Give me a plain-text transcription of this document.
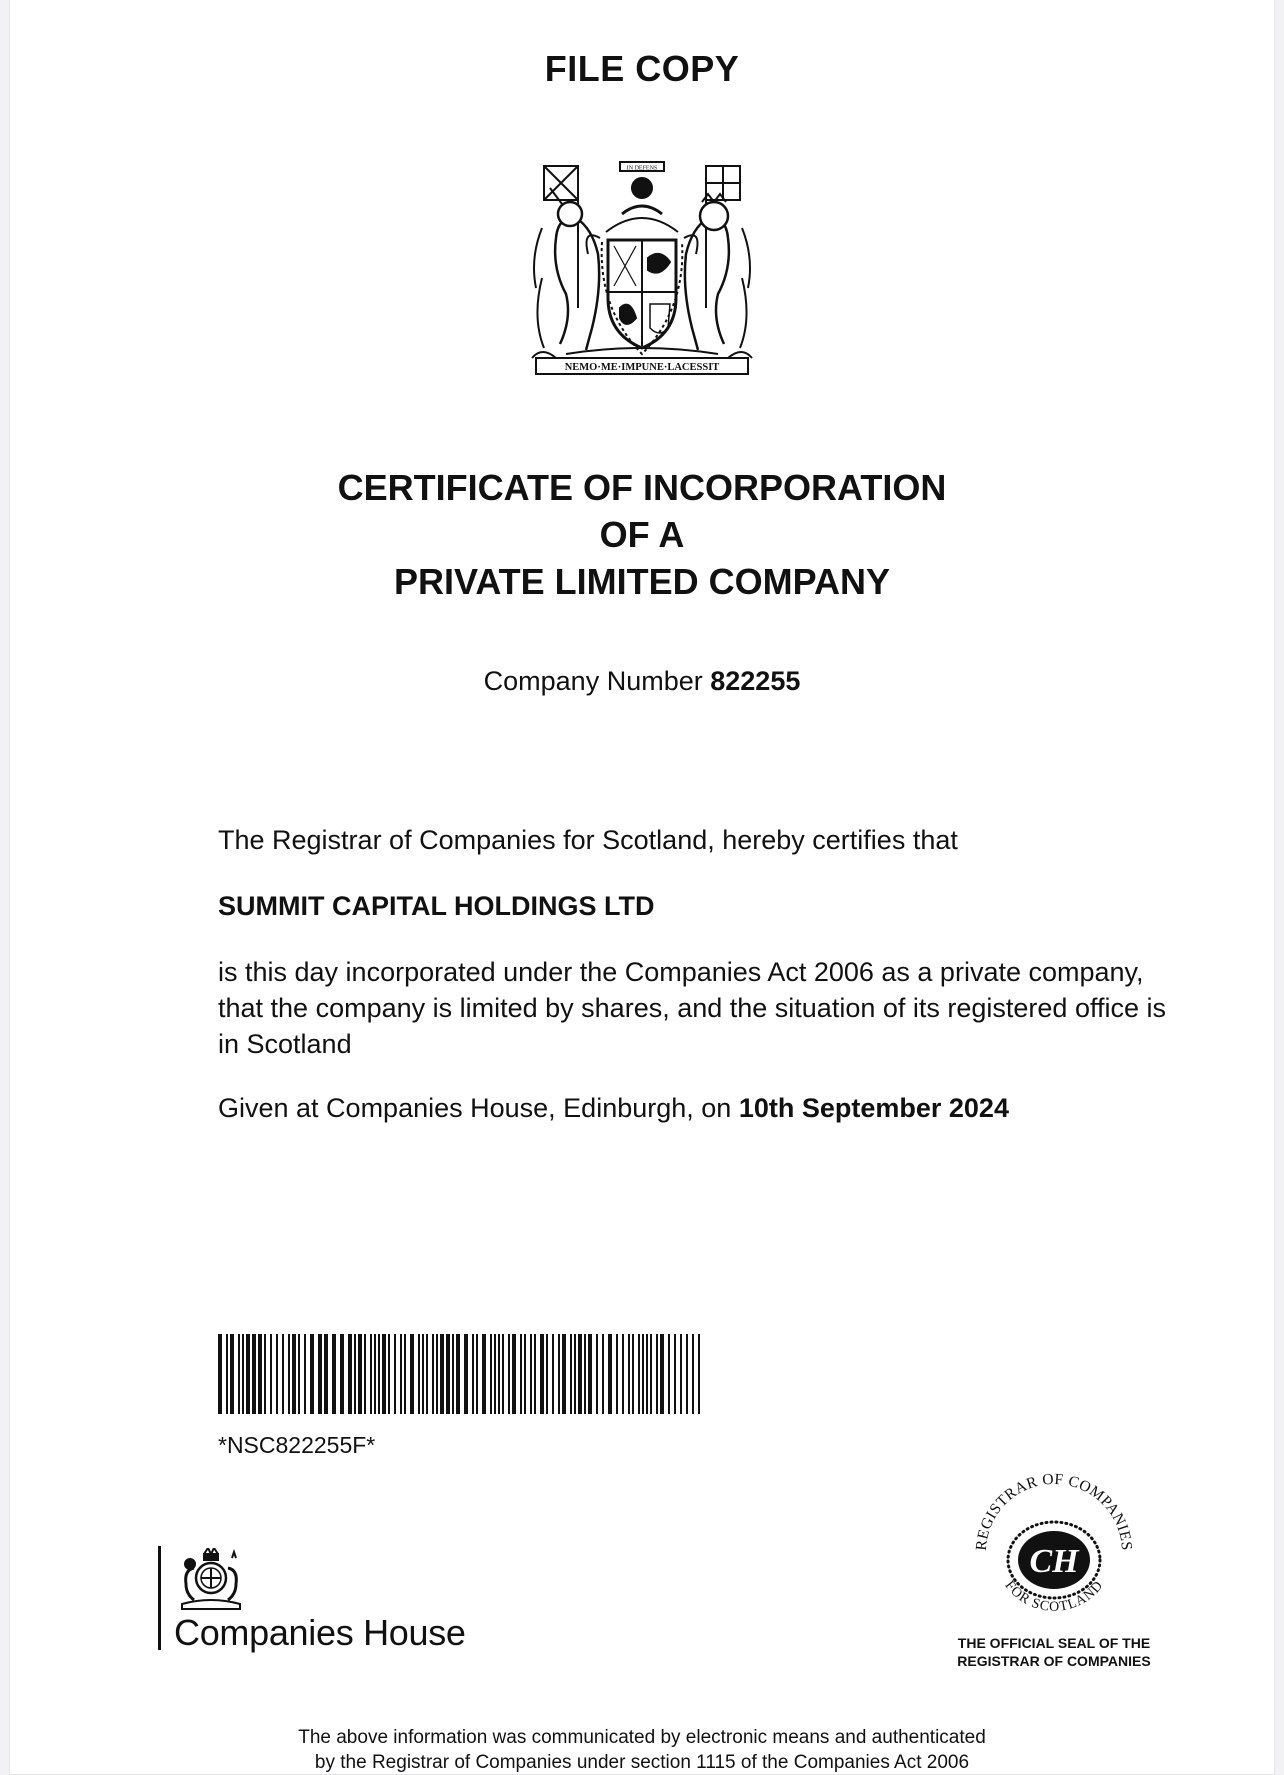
FILE COPY
NEMO·ME·IMPUNE·LACESSIT
IN DEFENS
CERTIFICATE OF INCORPORATION
OF A
PRIVATE LIMITED COMPANY
Company Number 822255
The Registrar of Companies for Scotland, hereby certifies that
SUMMIT CAPITAL HOLDINGS LTD
is this day incorporated under the Companies Act 2006 as a private company, that the company is limited by shares, and the situation of its registered office is in Scotland
Given at Companies House, Edinburgh, on 10th September 2024
*NSC822255F*
Companies House
REGISTRAR OF COMPANIES
FOR SCOTLAND
CH
THE OFFICIAL SEAL OF THE
REGISTRAR OF COMPANIES
The above information was communicated by electronic means and authenticated
by the Registrar of Companies under section 1115 of the Companies Act 2006
